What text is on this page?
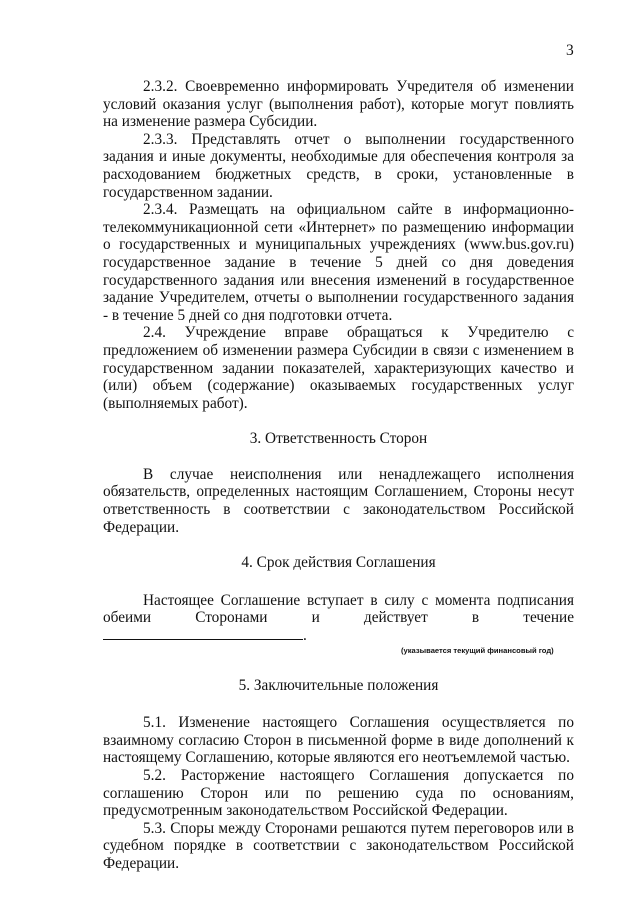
3

2.3.2. Своевременно информировать Учредителя об изменении условий оказания услуг (выполнения работ), которые могут повлиять на изменение размера Субсидии.

2.3.3. Представлять отчет о выполнении государственного задания и иные документы, необходимые для обеспечения контроля за расходованием бюджетных средств, в сроки, установленные в государственном задании.

2.3.4. Размещать на официальном сайте в информационно-телекоммуникационной сети «Интернет» по размещению информации о государственных и муниципальных учреждениях (www.bus.gov.ru) государственное задание в течение 5 дней со дня доведения государственного задания или внесения изменений в государственное задание Учредителем, отчеты о выполнении государственного задания - в течение 5 дней со дня подготовки отчета.

2.4. Учреждение вправе обращаться к Учредителю с предложением об изменении размера Субсидии в связи с изменением в государственном задании показателей, характеризующих качество и (или) объем (содержание) оказываемых государственных услуг (выполняемых работ).

3. Ответственность Сторон

В случае неисполнения или ненадлежащего исполнения обязательств, определенных настоящим Соглашением, Стороны несут ответственность в соответствии с законодательством Российской Федерации.

4. Срок действия Соглашения

Настоящее Соглашение вступает в силу с момента подписания обеими Сторонами и действует в течение .

(указывается текущий финансовый год)
5. Заключительные положения

5.1. Изменение настоящего Соглашения осуществляется по взаимному согласию Сторон в письменной форме в виде дополнений к настоящему Соглашению, которые являются его неотъемлемой частью.

5.2. Расторжение настоящего Соглашения допускается по соглашению Сторон или по решению суда по основаниям, предусмотренным законодательством Российской Федерации.

5.3. Споры между Сторонами решаются путем переговоров или в судебном порядке в соответствии с законодательством Российской Федерации.
